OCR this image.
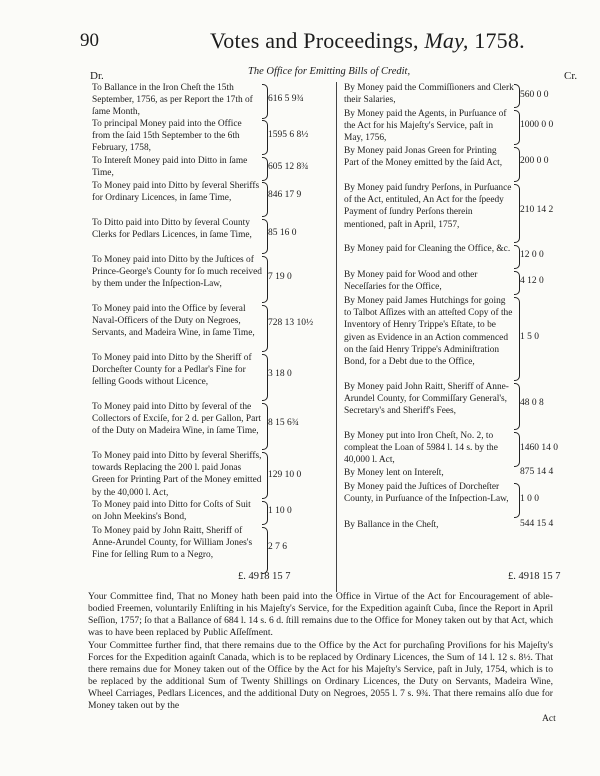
90	Votes and Proceedings, May, 1758.
Dr.	The Office for Emitting Bills of Credit,	Cr.
To Ballance in the Iron Cheſt the 15th September, 1756, as per Report the 17th of ſame Month,
616 5 9¾
To principal Money paid into the Office from the ſaid 15th September to the 6th February, 1758,
1595 6 8½
To Intereſt Money paid into Ditto in ſame Time,
605 12 8¾
To Money paid into Ditto by ſeveral Sheriffs for Ordinary Licences, in ſame Time,	846 17 9
To Ditto paid into Ditto by ſeveral County Clerks for Pedlars Licences, in ſame Time,	85 16 0
To Money paid into Ditto by the Juſtices of Prince-George's County for ſo much received by them under the Inſpection-Law,
7 19 0
To Money paid into the Office by ſeveral Naval-Officers of the Duty on Negroes, Servants, and Madeira Wine, in ſame Time,
728 13 10½
To Money paid into Ditto by the Sheriff of Dorcheſter County for a Pedlar's Fine for ſelling Goods without Licence,
3 18 0
To Money paid into Ditto by ſeveral of the Collectors of Exciſe, for 2 d. per Gallon, Part of the Duty on Madeira Wine, in ſame Time,
8 15 6¾
To Money paid into Ditto by ſeveral Sheriffs, towards Replacing the 200 l. paid Jonas Green for Printing Part of the Money emitted by the 40,000 l. Act,
129 10 0
To Money paid into Ditto for Coſts of Suit on John Meekins's Bond,
1 10 0
To Money paid by John Raitt, Sheriff of Anne-Arundel County, for William Jones's Fine for ſelling Rum to a Negro,
2 7 6
By Money paid the Commiſſioners and Clerk their Salaries,
560 0 0
By Money paid the Agents, in Purſuance of the Act for his Majeſty's Service, paſt in May, 1756,
1000 0 0
By Money paid Jonas Green for Printing Part of the Money emitted by the ſaid Act,	200 0 0
By Money paid ſundry Perſons, in Purſuance of the Act, entituled, An Act for the ſpeedy Payment of ſundry Perſons therein mentioned, paſt in April, 1757,
210 14 2
By Money paid for Cleaning the Office, &c.
12 0 0
By Money paid for Wood and other Neceſſaries for the Office,
4 12 0
By Money paid James Hutchings for going to Talbot Aſſizes with an atteſted Copy of the Inventory of Henry Trippe's Eſtate, to be given as Evidence in an Action commenced on the ſaid Henry Trippe's Adminiſtration Bond, for a Debt due to the Office,
1 5 0
By Money paid John Raitt, Sheriff of Anne-Arundel County, for Commiſſary General's, Secretary's and Sheriff's Fees,
48 0 8
By Money put into Iron Cheſt, No. 2, to compleat the Loan of 5984 l. 14 s. by the 40,000 l. Act,
1460 14 0
By Money lent on Intereſt,	875 14 4
By Money paid the Juſtices of Dorcheſter County, in Purſuance of the Inſpection-Law,	1 0 0
By Ballance in the Cheſt,	544 15 4
£. 4918 15 7	£. 4918 15 7
Your Committee find, That no Money hath been paid into the Office in Virtue of the Act for Encouragement of able-bodied Freemen, voluntarily Enliſting in his Majeſty's Service, for the Expedition againſt Cuba, ſince the Report in April Seſſion, 1757; ſo that a Ballance of 684 l. 14 s. 6 d. ſtill remains due to the Office for Money taken out by that Act, which was to have been replaced by Public Aſſeſſment.
Your Committee further find, that there remains due to the Office by the Act for purchaſing Proviſions for his Majeſty's Forces for the Expedition againſt Canada, which is to be replaced by Ordinary Licences, the Sum of 14 l. 12 s. 8½. That there remains due for Money taken out of the Office by the Act for his Majeſty's Service, paſt in July, 1754, which is to be replaced by the additional Sum of Twenty Shillings on Ordinary Licences, the Duty on Servants, Madeira Wine, Wheel Carriages, Pedlars Licences, and the additional Duty on Negroes, 2055 l. 7 s. 9¾. That there remains alſo due for Money taken out by the
Act
